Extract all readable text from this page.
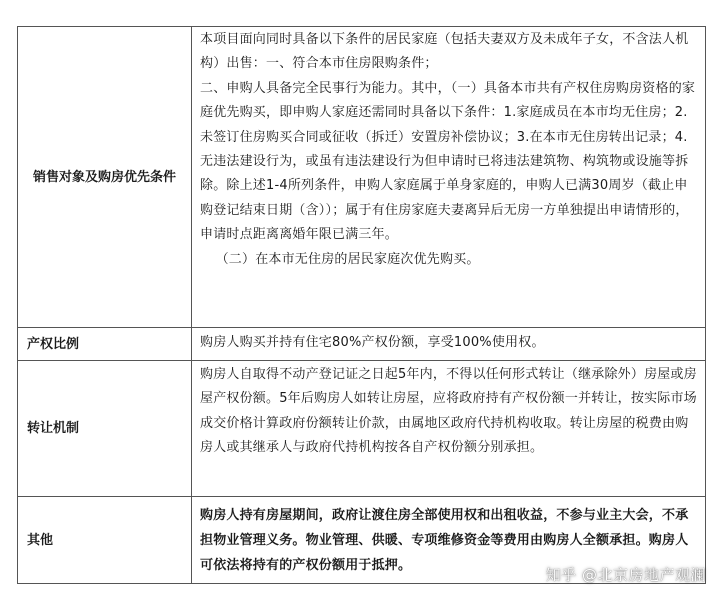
销售对象及购房优先条件

本项目面向同时具备以下条件的居民家庭（包括夫妻双方及未成年子女，不含法人机构）出售：一、符合本市住房限购条件；

二、申购人具备完全民事行为能力。其中，（一）具备本市共有产权住房购房资格的家庭优先购买，即申购人家庭还需同时具备以下条件：1.家庭成员在本市均无住房；2.未签订住房购买合同或征收（拆迁）安置房补偿协议；3.在本市无住房转出记录；4.无违法建设行为，或虽有违法建设行为但申请时已将违法建筑物、构筑物或设施等拆除。除上述1-4所列条件，申购人家庭属于单身家庭的，申购人已满30周岁（截止申购登记结束日期（含））；属于有住房家庭夫妻离异后无房一方单独提出申请情形的，申请时点距离离婚年限已满三年。

（二）在本市无住房的居民家庭次优先购买。

产权比例	购房人购买并持有住宅80%产权份额，享受100%使用权。

转让机制

购房人自取得不动产登记证之日起5年内，不得以任何形式转让（继承除外）房屋或房屋产权份额。5年后购房人如转让房屋，应将政府持有产权份额一并转让，按实际市场成交价格计算政府份额转让价款，由属地区政府代持机构收取。转让房屋的税费由购房人或其继承人与政府代持机构按各自产权份额分别承担。

其他

购房人持有房屋期间，政府让渡住房全部使用权和出租收益，不参与业主大会，不承担物业管理义务。物业管理、供暖、专项维修资金等费用由购房人全额承担。购房人可依法将持有的产权份额用于抵押。

知乎 @北京房地产观澜
